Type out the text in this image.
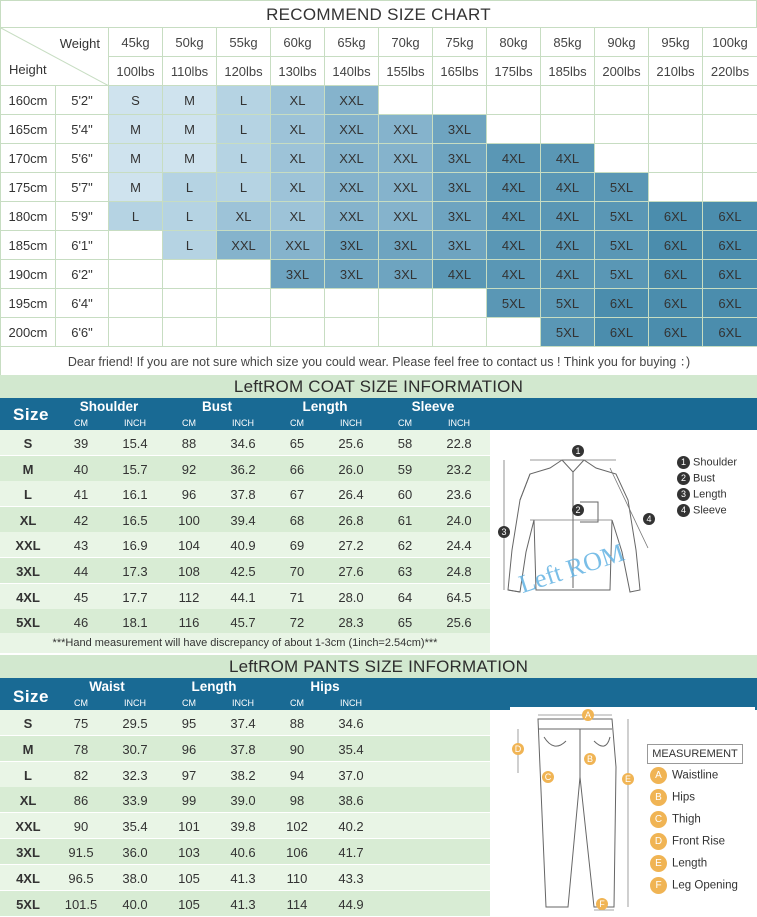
RECOMMEND SIZE CHART
Weight
Height		45kg	50kg	55kg	60kg	65kg	70kg	75kg	80kg	85kg	90kg	95kg	100kg
		100lbs	110lbs	120lbs	130lbs	140lbs	155lbs	165lbs	175lbs	185lbs	200lbs	210lbs	220lbs
160cm	5'2"	S	M	L	XL	XXL							
165cm	5'4"	M	M	L	XL	XXL	XXL	3XL					
170cm	5'6"	M	M	L	XL	XXL	XXL	3XL	4XL	4XL			
175cm	5'7"	M	L	L	XL	XXL	XXL	3XL	4XL	4XL	5XL		
180cm	5'9"	L	L	XL	XL	XXL	XXL	3XL	4XL	4XL	5XL	6XL	6XL
185cm	6'1"		L	XXL	XXL	3XL	3XL	3XL	4XL	4XL	5XL	6XL	6XL
190cm	6'2"				3XL	3XL	3XL	4XL	4XL	4XL	5XL	6XL	6XL
195cm	6'4"								5XL	5XL	6XL	6XL	6XL
200cm	6'6"									5XL	6XL	6XL	6XL
Dear friend! If you are not sure which size you could wear. Please feel free to contact us ! Think you for buying ：)													
LeftROM COAT SIZE INFORMATION
Size	Shoulder	Bust	Length	Sleeve
CM	INCH	CM	INCH	CM	INCH	CM	INCH
S	39	15.4	88	34.6	65	25.6	58	22.8
M	40	15.7	92	36.2	66	26.0	59	23.2
L	41	16.1	96	37.8	67	26.4	60	23.6
XL	42	16.5	100	39.4	68	26.8	61	24.0
XXL	43	16.9	104	40.9	69	27.2	62	24.4
3XL	44	17.3	108	42.5	70	27.6	63	24.8
4XL	45	17.7	112	44.1	71	28.0	64	64.5
5XL	46	18.1	116	45.7	72	28.3	65	25.6
***Hand measurement will have discrepancy of about 1-3cm (1inch=2.54cm)***
Left ROM
1
2
3
4
1 Shoulder
2 Bust
3 Length
4 Sleeve
LeftROM PANTS SIZE INFORMATION
Size
Waist	Length	Hips
CM	INCH	CM	INCH	CM	INCH
S	75	29.5	95	37.4	88	34.6
M	78	30.7	96	37.8	90	35.4
L	82	32.3	97	38.2	94	37.0
XL	86	33.9	99	39.0	98	38.6
XXL	90	35.4	101	39.8	102	40.2
3XL	91.5	36.0	103	40.6	106	41.7
4XL	96.5	38.0	105	41.3	110	43.3
5XL	101.5	40.0	105	41.3	114	44.9
A
B
C
D
E
F
MEASUREMENT
A Waistline
B Hips
C Thigh
D Front Rise
E Length
F Leg Opening
